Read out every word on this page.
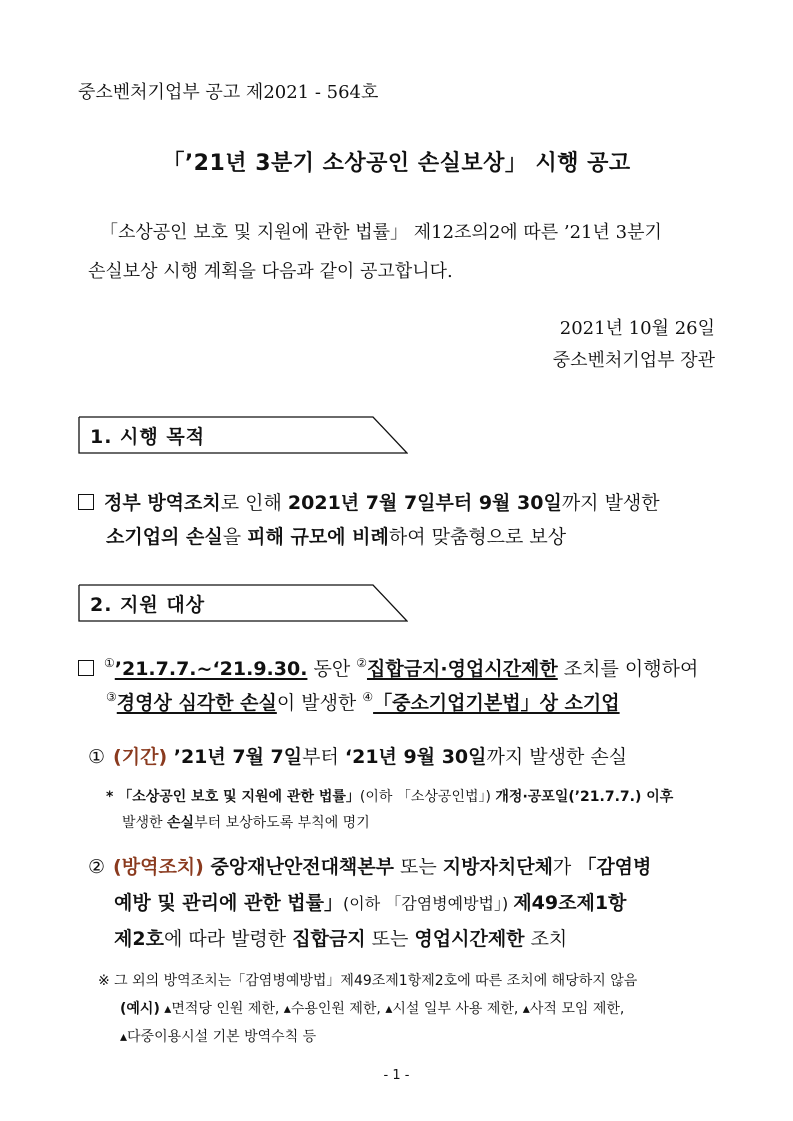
중소벤처기업부 공고 제2021 - 564호
「’21년 3분기 소상공인 손실보상」 시행 공고
「소상공인 보호 및 지원에 관한 법률」 제12조의2에 따른 ’21년 3분기
손실보상 시행 계획을 다음과 같이 공고합니다.
2021년 10월 26일
중소벤처기업부 장관
1. 시행 목적
정부 방역조치로 인해 2021년 7월 7일부터 9월 30일까지 발생한
소기업의 손실을 피해 규모에 비례하여 맞춤형으로 보상
2. 지원 대상
①’21.7.7.~‘21.9.30. 동안 ②집합금지·영업시간제한 조치를 이행하여
③경영상 심각한 손실이 발생한 ④「중소기업기본법」상 소기업
① (기간) ’21년 7월 7일부터 ‘21년 9월 30일까지 발생한 손실
* 「소상공인 보호 및 지원에 관한 법률」(이하 「소상공인법」) 개정·공포일(’21.7.7.) 이후
발생한 손실부터 보상하도록 부칙에 명기
② (방역조치) 중앙재난안전대책본부 또는 지방자치단체가 「감염병
예방 및 관리에 관한 법률」(이하 「감염병예방법」) 제49조제1항
제2호에 따라 발령한 집합금지 또는 영업시간제한 조치
※ 그 외의 방역조치는「감염병예방법」제49조제1항제2호에 따른 조치에 해당하지 않음
(예시) ▴면적당 인원 제한, ▴수용인원 제한, ▴시설 일부 사용 제한, ▴사적 모임 제한,
▴다중이용시설 기본 방역수칙 등
- 1 -
